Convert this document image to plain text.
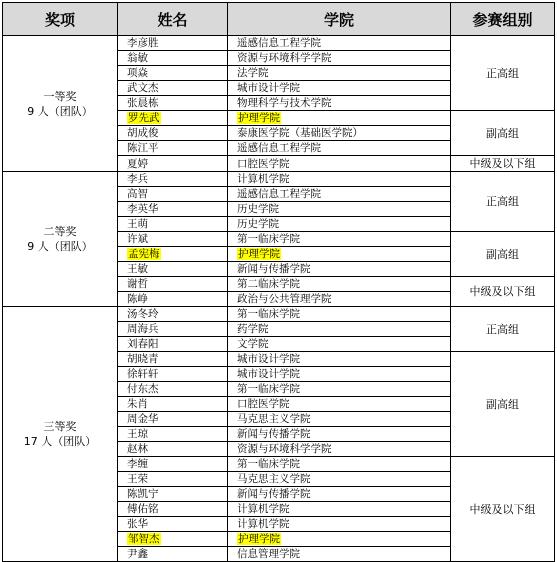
奖项	姓名	学院	参赛组别

一等奖
9 人（团队）	李彦胜	遥感信息工程学院	正高组
	翁敏	资源与环境科学学院	
	项焱	法学院	
	武文杰	城市设计学院	
	张晨栋	物理科学与技术学院	
	罗先武	护理学院	副高组
	胡成俊	泰康医学院（基础医学院）	
	陈江平	遥感信息工程学院	
	夏婷	口腔医学院	中级及以下组

二等奖
9 人（团队）	李兵	计算机学院	正高组
	高智	遥感信息工程学院	
	李英华	历史学院	
	王萌	历史学院	
	许斌	第一临床学院	副高组
	孟宪梅	护理学院	
	王敏	新闻与传播学院	
	谢哲	第二临床学院	中级及以下组
	陈峥	政治与公共管理学院	

三等奖
17 人（团队）	汤冬玲	第一临床学院	正高组
	周海兵	药学院	
	刘春阳	文学院	
	胡晓青	城市设计学院	副高组
	徐轩轩	城市设计学院	
	付东杰	第一临床学院	
	朱肖	口腔医学院	
	周金华	马克思主义学院	
	王琼	新闻与传播学院	
	赵林	资源与环境科学学院	
	李缠	第一临床学院	中级及以下组
	王荣	马克思主义学院	
	陈凯宁	新闻与传播学院	
	傅佑铭	计算机学院	
	张华	计算机学院	
	邹智杰	护理学院	
	尹鑫	信息管理学院	
